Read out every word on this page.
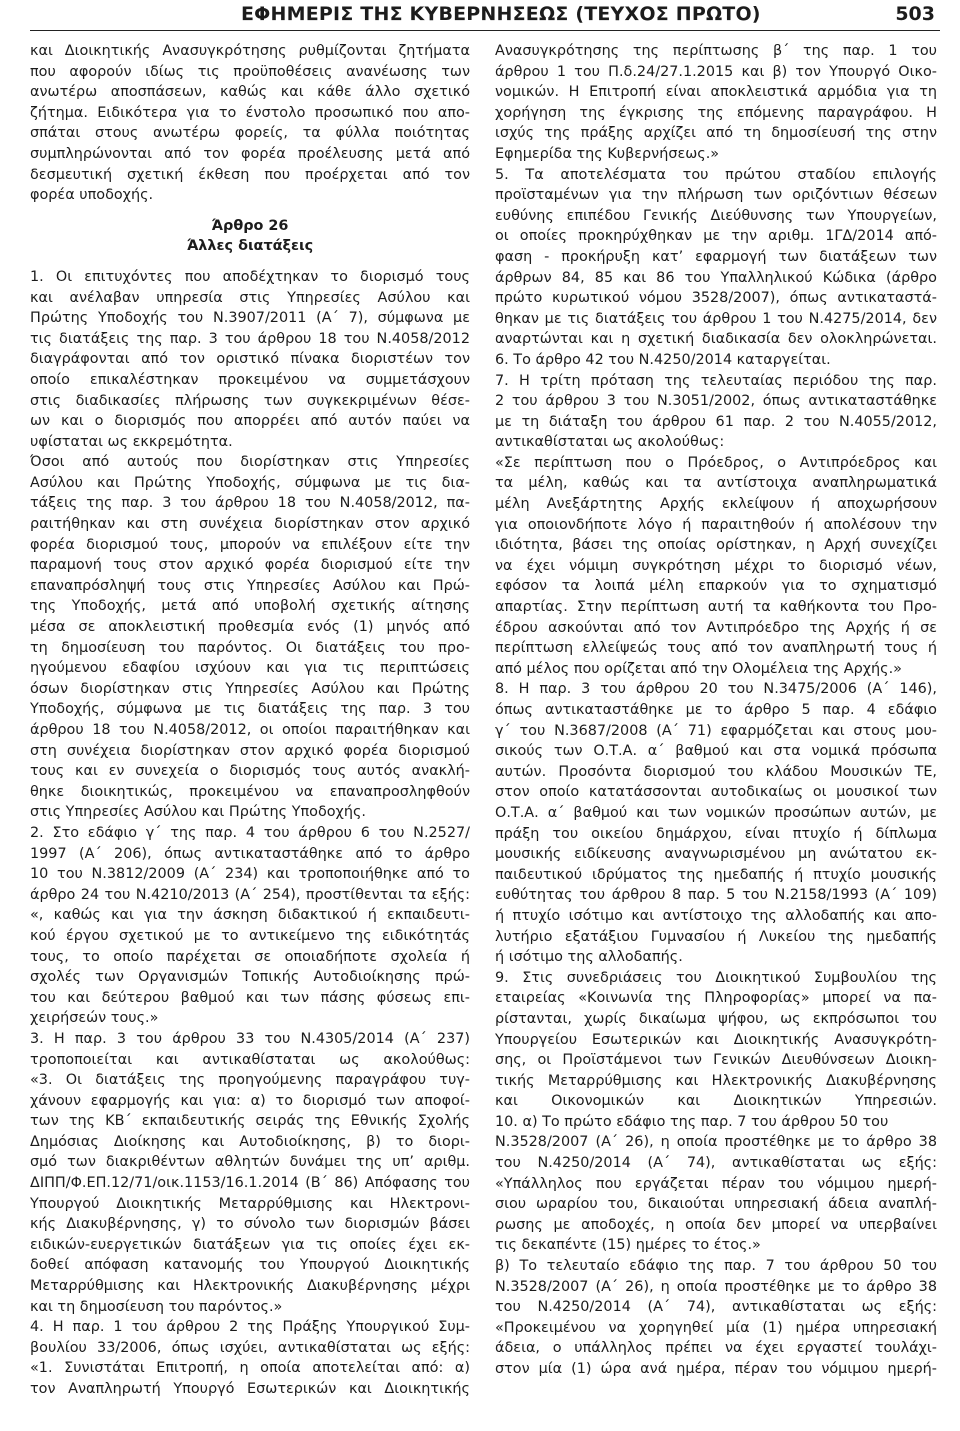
ΕΦΗΜΕΡΙΣ ΤΗΣ ΚΥΒΕΡΝΗΣΕΩΣ (ΤΕΥΧΟΣ ΠΡΩΤΟ)	503
και Διοικητικής Ανασυγκρότησης ρυθμίζονται ζητήματα
που αφορούν ιδίως τις προϋποθέσεις ανανέωσης των
ανωτέρω αποσπάσεων, καθώς και κάθε άλλο σχετικό
ζήτημα. Ειδικότερα για το ένστολο προσωπικό που απο-
σπάται στους ανωτέρω φορείς, τα φύλλα ποιότητας
συμπληρώνονται από τον φορέα προέλευσης μετά από
δεσμευτική σχετική έκθεση που προέρχεται από τον
φορέα υποδοχής.
Άρθρο 26
Άλλες διατάξεις
1. Οι επιτυχόντες που αποδέχτηκαν το διορισμό τους
και ανέλαβαν υπηρεσία στις Υπηρεσίες Ασύλου και
Πρώτης Υποδοχής του Ν.3907/2011 (Α΄ 7), σύμφωνα με
τις διατάξεις της παρ. 3 του άρθρου 18 του Ν.4058/2012
διαγράφονται από τον οριστικό πίνακα διοριστέων τον
οποίο επικαλέστηκαν προκειμένου να συμμετάσχουν
στις διαδικασίες πλήρωσης των συγκεκριμένων θέσε-
ων και ο διορισμός που απορρέει από αυτόν παύει να
υφίσταται ως εκκρεμότητα.
Όσοι από αυτούς που διορίστηκαν στις Υπηρεσίες
Ασύλου και Πρώτης Υποδοχής, σύμφωνα με τις δια-
τάξεις της παρ. 3 του άρθρου 18 του Ν.4058/2012, πα-
ραιτήθηκαν και στη συνέχεια διορίστηκαν στον αρχικό
φορέα διορισμού τους, μπορούν να επιλέξουν είτε την
παραμονή τους στον αρχικό φορέα διορισμού είτε την
επαναπρόσληψή τους στις Υπηρεσίες Ασύλου και Πρώ-
της Υποδοχής, μετά από υποβολή σχετικής αίτησης
μέσα σε αποκλειστική προθεσμία ενός (1) μηνός από
τη δημοσίευση του παρόντος. Οι διατάξεις του προ-
ηγούμενου εδαφίου ισχύουν και για τις περιπτώσεις
όσων διορίστηκαν στις Υπηρεσίες Ασύλου και Πρώτης
Υποδοχής, σύμφωνα με τις διατάξεις της παρ. 3 του
άρθρου 18 του Ν.4058/2012, οι οποίοι παραιτήθηκαν και
στη συνέχεια διορίστηκαν στον αρχικό φορέα διορισμού
τους και εν συνεχεία ο διορισμός τους αυτός ανακλή-
θηκε διοικητικώς, προκειμένου να επαναπροσληφθούν
στις Υπηρεσίες Ασύλου και Πρώτης Υποδοχής.
2. Στο εδάφιο γ΄ της παρ. 4 του άρθρου 6 του Ν.2527/
1997 (Α΄ 206), όπως αντικαταστάθηκε από το άρθρο
10 του Ν.3812/2009 (Α΄ 234) και τροποποιήθηκε από το
άρθρο 24 του Ν.4210/2013 (Α΄ 254), προστίθενται τα εξής:
«, καθώς και για την άσκηση διδακτικού ή εκπαιδευτι-
κού έργου σχετικού με το αντικείμενο της ειδικότητάς
τους, το οποίο παρέχεται σε οποιαδήποτε σχολεία ή
σχολές των Οργανισμών Τοπικής Αυτοδιοίκησης πρώ-
του και δεύτερου βαθμού και των πάσης φύσεως επι-
χειρήσεών τους.»
3. Η παρ. 3 του άρθρου 33 του Ν.4305/2014 (Α΄ 237)
τροποποιείται και αντικαθίσταται ως ακολούθως:
«3. Οι διατάξεις της προηγούμενης παραγράφου τυγ-
χάνουν εφαρμογής και για: α) το διορισμό των αποφοί-
των της ΚΒ΄ εκπαιδευτικής σειράς της Εθνικής Σχολής
Δημόσιας Διοίκησης και Αυτοδιοίκησης, β) το διορι-
σμό των διακριθέντων αθλητών δυνάμει της υπ’ αριθμ.
ΔΙΠΠ/Φ.ΕΠ.12/71/οικ.1153/16.1.2014 (Β΄ 86) Απόφασης του
Υπουργού Διοικητικής Μεταρρύθμισης και Ηλεκτρονι-
κής Διακυβέρνησης, γ) το σύνολο των διορισμών βάσει
ειδικών-ευεργετικών διατάξεων για τις οποίες έχει εκ-
δοθεί απόφαση κατανομής του Υπουργού Διοικητικής
Μεταρρύθμισης και Ηλεκτρονικής Διακυβέρνησης μέχρι
και τη δημοσίευση του παρόντος.»
4. Η παρ. 1 του άρθρου 2 της Πράξης Υπουργικού Συμ-
βουλίου 33/2006, όπως ισχύει, αντικαθίσταται ως εξής:
«1. Συνιστάται Επιτροπή, η οποία αποτελείται από: α)
τον Αναπληρωτή Υπουργό Εσωτερικών και Διοικητικής
Ανασυγκρότησης της περίπτωσης β΄ της παρ. 1 του
άρθρου 1 του Π.δ.24/27.1.2015 και β) τον Υπουργό Οικο-
νομικών. Η Επιτροπή είναι αποκλειστικά αρμόδια για τη
χορήγηση της έγκρισης της επόμενης παραγράφου. Η
ισχύς της πράξης αρχίζει από τη δημοσίευσή της στην
Εφημερίδα της Κυβερνήσεως.»
5. Τα αποτελέσματα του πρώτου σταδίου επιλογής
προϊσταμένων για την πλήρωση των οριζόντιων θέσεων
ευθύνης επιπέδου Γενικής Διεύθυνσης των Υπουργείων,
οι οποίες προκηρύχθηκαν με την αριθμ. 1ΓΔ/2014 από-
φαση - προκήρυξη κατ’ εφαρμογή των διατάξεων των
άρθρων 84, 85 και 86 του Υπαλληλικού Κώδικα (άρθρο
πρώτο κυρωτικού νόμου 3528/2007), όπως αντικαταστά-
θηκαν με τις διατάξεις του άρθρου 1 του Ν.4275/2014, δεν
αναρτώνται και η σχετική διαδικασία δεν ολοκληρώνεται.
6. Το άρθρο 42 του Ν.4250/2014 καταργείται.
7. Η τρίτη πρόταση της τελευταίας περιόδου της παρ.
2 του άρθρου 3 του Ν.3051/2002, όπως αντικαταστάθηκε
με τη διάταξη του άρθρου 61 παρ. 2 του Ν.4055/2012,
αντικαθίσταται ως ακολούθως:
«Σε περίπτωση που ο Πρόεδρος, ο Αντιπρόεδρος και
τα μέλη, καθώς και τα αντίστοιχα αναπληρωματικά
μέλη Ανεξάρτητης Αρχής εκλείψουν ή αποχωρήσουν
για οποιονδήποτε λόγο ή παραιτηθούν ή απολέσουν την
ιδιότητα, βάσει της οποίας ορίστηκαν, η Αρχή συνεχίζει
να έχει νόμιμη συγκρότηση μέχρι το διορισμό νέων,
εφόσον τα λοιπά μέλη επαρκούν για το σχηματισμό
απαρτίας. Στην περίπτωση αυτή τα καθήκοντα του Προ-
έδρου ασκούνται από τον Αντιπρόεδρο της Αρχής ή σε
περίπτωση ελλείψεώς τους από τον αναπληρωτή τους ή
από μέλος που ορίζεται από την Ολομέλεια της Αρχής.»
8. Η παρ. 3 του άρθρου 20 του Ν.3475/2006 (Α΄ 146),
όπως αντικαταστάθηκε με το άρθρο 5 παρ. 4 εδάφιο
γ΄ του Ν.3687/2008 (Α΄ 71) εφαρμόζεται και στους μου-
σικούς των Ο.Τ.Α. α΄ βαθμού και στα νομικά πρόσωπα
αυτών. Προσόντα διορισμού του κλάδου Μουσικών ΤΕ,
στον οποίο κατατάσσονται αυτοδικαίως οι μουσικοί των
Ο.Τ.Α. α΄ βαθμού και των νομικών προσώπων αυτών, με
πράξη του οικείου δημάρχου, είναι πτυχίο ή δίπλωμα
μουσικής ειδίκευσης αναγνωρισμένου μη ανώτατου εκ-
παιδευτικού ιδρύματος της ημεδαπής ή πτυχίο μουσικής
ευθύτητας του άρθρου 8 παρ. 5 του Ν.2158/1993 (Α΄ 109)
ή πτυχίο ισότιμο και αντίστοιχο της αλλοδαπής και απο-
λυτήριο εξατάξιου Γυμνασίου ή Λυκείου της ημεδαπής
ή ισότιμο της αλλοδαπής.
9. Στις συνεδριάσεις του Διοικητικού Συμβουλίου της
εταιρείας «Κοινωνία της Πληροφορίας» μπορεί να πα-
ρίστανται, χωρίς δικαίωμα ψήφου, ως εκπρόσωποι του
Υπουργείου Εσωτερικών και Διοικητικής Ανασυγκρότη-
σης, οι Προϊστάμενοι των Γενικών Διευθύνσεων Διοικη-
τικής Μεταρρύθμισης και Ηλεκτρονικής Διακυβέρνησης
και Οικονομικών και Διοικητικών Υπηρεσιών.
10. α) Το πρώτο εδάφιο της παρ. 7 του άρθρου 50 του
Ν.3528/2007 (Α΄ 26), η οποία προστέθηκε με το άρθρο 38
του Ν.4250/2014 (Α΄ 74), αντικαθίσταται ως εξής:
«Υπάλληλος που εργάζεται πέραν του νόμιμου ημερή-
σιου ωραρίου του, δικαιούται υπηρεσιακή άδεια αναπλή-
ρωσης με αποδοχές, η οποία δεν μπορεί να υπερβαίνει
τις δεκαπέντε (15) ημέρες το έτος.»
β) Το τελευταίο εδάφιο της παρ. 7 του άρθρου 50 του
Ν.3528/2007 (Α΄ 26), η οποία προστέθηκε με το άρθρο 38
του Ν.4250/2014 (Α΄ 74), αντικαθίσταται ως εξής:
«Προκειμένου να χορηγηθεί μία (1) ημέρα υπηρεσιακή
άδεια, ο υπάλληλος πρέπει να έχει εργαστεί τουλάχι-
στον μία (1) ώρα ανά ημέρα, πέραν του νόμιμου ημερή-
